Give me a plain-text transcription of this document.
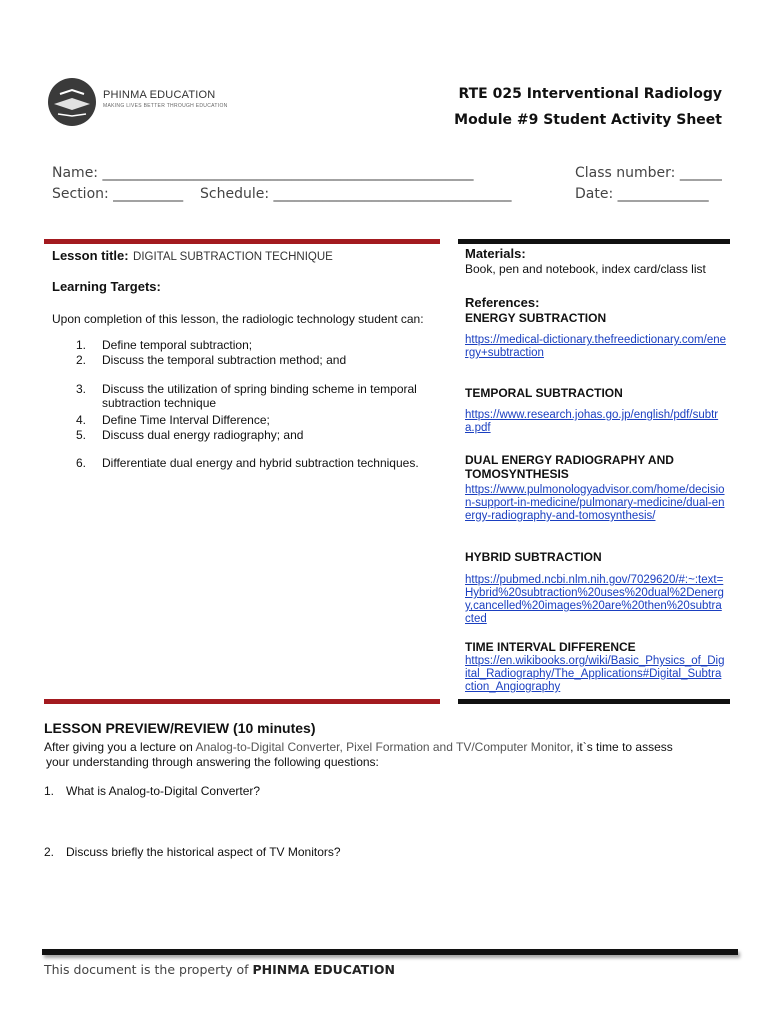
PHINMA EDUCATION
MAKING LIVES BETTER THROUGH EDUCATION
RTE 025 Interventional Radiology
Module #9 Student Activity Sheet
Name: _____________________________________________________
Section: __________ Schedule: __________________________________
Class number: ______
Date: _____________
Lesson title: DIGITAL SUBTRACTION TECHNIQUE
Learning Targets:
Upon completion of this lesson, the radiologic technology student can:
1.	Define temporal subtraction;
2.	Discuss the temporal subtraction method; and
3.	Discuss the utilization of spring binding scheme in temporal subtraction technique
4.	Define Time Interval Difference;
5.	Discuss dual energy radiography; and
6.	Differentiate dual energy and hybrid subtraction techniques.
Materials:
Book, pen and notebook, index card/class list
References:
ENERGY SUBTRACTION
https://medical-dictionary.thefreedictionary.com/energy+subtraction
TEMPORAL SUBTRACTION
https://www.research.johas.go.jp/english/pdf/subtra.pdf
DUAL ENERGY RADIOGRAPHY AND TOMOSYNTHESIS
https://www.pulmonologyadvisor.com/home/decision-support-in-medicine/pulmonary-medicine/dual-energy-radiography-and-tomosynthesis/
HYBRID SUBTRACTION
https://pubmed.ncbi.nlm.nih.gov/7029620/#:~:text=Hybrid%20subtraction%20uses%20dual%2Denergy,cancelled%20images%20are%20then%20subtracted
TIME INTERVAL DIFFERENCE
https://en.wikibooks.org/wiki/Basic_Physics_of_Digital_Radiography/The_Applications#Digital_Subtraction_Angiography
LESSON PREVIEW/REVIEW (10 minutes)
After giving you a lecture on Analog-to-Digital Converter, Pixel Formation and TV/Computer Monitor, it`s time to assess
your understanding through answering the following questions:
1. What is Analog-to-Digital Converter?
2. Discuss briefly the historical aspect of TV Monitors?
This document is the property of PHINMA EDUCATION
